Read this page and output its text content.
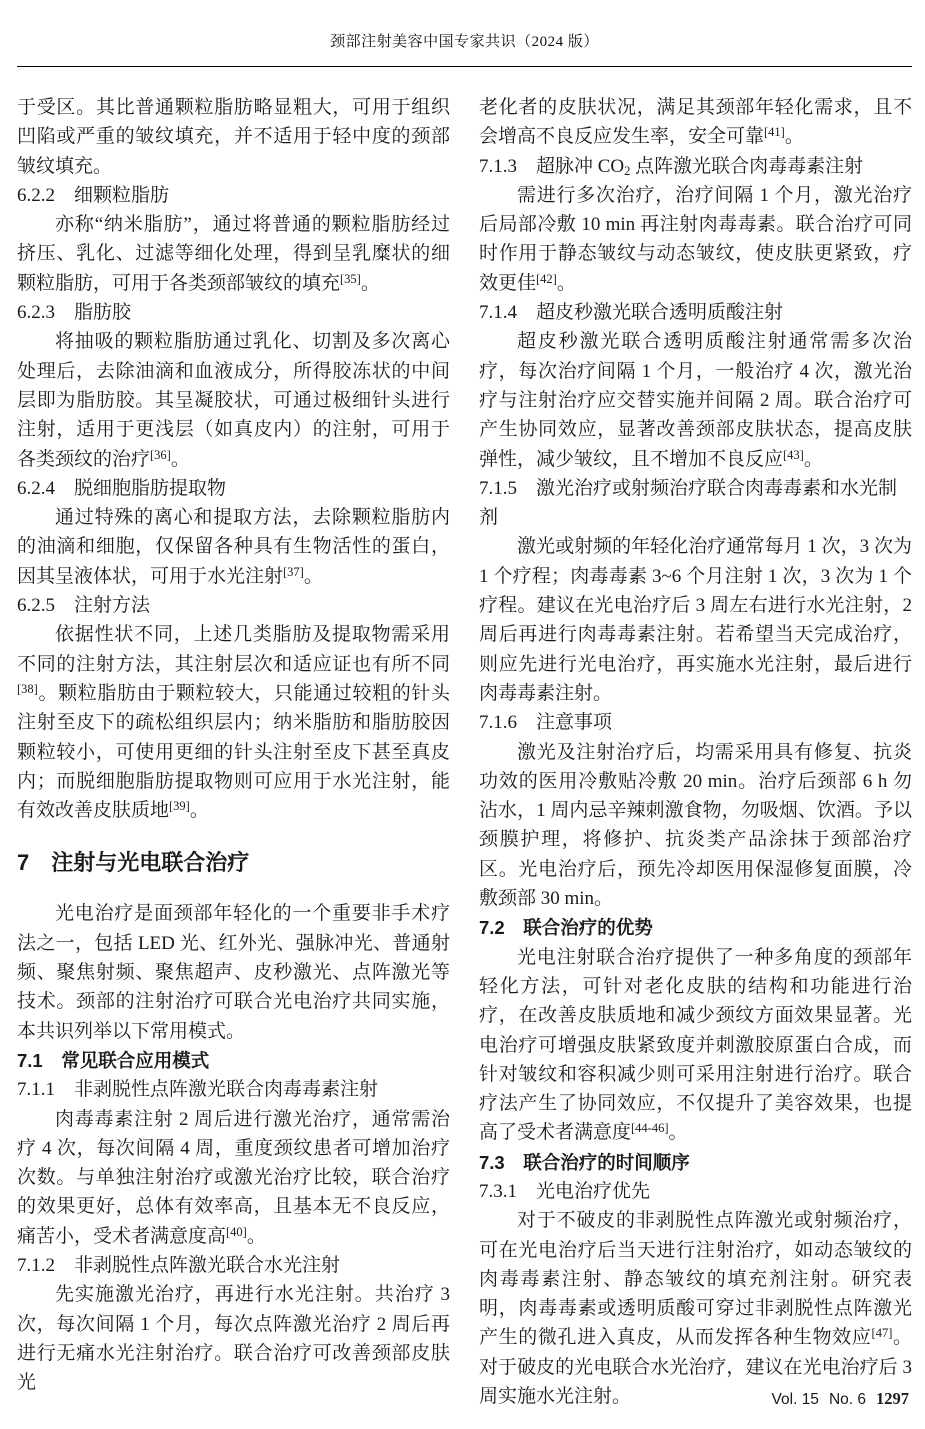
颈部注射美容中国专家共识（2024 版）
于受区。其比普通颗粒脂肪略显粗大，可用于组织凹陷或严重的皱纹填充，并不适用于轻中度的颈部皱纹填充。
6.2.2　细颗粒脂肪
亦称“纳米脂肪”，通过将普通的颗粒脂肪经过挤压、乳化、过滤等细化处理，得到呈乳糜状的细颗粒脂肪，可用于各类颈部皱纹的填充[35]。
6.2.3　脂肪胶
将抽吸的颗粒脂肪通过乳化、切割及多次离心处理后，去除油滴和血液成分，所得胶冻状的中间层即为脂肪胶。其呈凝胶状，可通过极细针头进行注射，适用于更浅层（如真皮内）的注射，可用于各类颈纹的治疗[36]。
6.2.4　脱细胞脂肪提取物
通过特殊的离心和提取方法，去除颗粒脂肪内的油滴和细胞，仅保留各种具有生物活性的蛋白，因其呈液体状，可用于水光注射[37]。
6.2.5　注射方法
依据性状不同，上述几类脂肪及提取物需采用不同的注射方法，其注射层次和适应证也有所不同[38]。颗粒脂肪由于颗粒较大，只能通过较粗的针头注射至皮下的疏松组织层内；纳米脂肪和脂肪胶因颗粒较小，可使用更细的针头注射至皮下甚至真皮内；而脱细胞脂肪提取物则可应用于水光注射，能有效改善皮肤质地[39]。
7　注射与光电联合治疗
光电治疗是面颈部年轻化的一个重要非手术疗法之一，包括 LED 光、红外光、强脉冲光、普通射频、聚焦射频、聚焦超声、皮秒激光、点阵激光等技术。颈部的注射治疗可联合光电治疗共同实施，本共识列举以下常用模式。
7.1　常见联合应用模式
7.1.1　非剥脱性点阵激光联合肉毒毒素注射
肉毒毒素注射 2 周后进行激光治疗，通常需治疗 4 次，每次间隔 4 周，重度颈纹患者可增加治疗次数。与单独注射治疗或激光治疗比较，联合治疗的效果更好，总体有效率高，且基本无不良反应，痛苦小，受术者满意度高[40]。
7.1.2　非剥脱性点阵激光联合水光注射
先实施激光治疗，再进行水光注射。共治疗 3 次，每次间隔 1 个月，每次点阵激光治疗 2 周后再进行无痛水光注射治疗。联合治疗可改善颈部皮肤光
老化者的皮肤状况，满足其颈部年轻化需求，且不会增高不良反应发生率，安全可靠[41]。
7.1.3　超脉冲 $CO_2$ 点阵激光联合肉毒毒素注射
需进行多次治疗，治疗间隔 1 个月，激光治疗后局部冷敷 10 min 再注射肉毒毒素。联合治疗可同时作用于静态皱纹与动态皱纹，使皮肤更紧致，疗效更佳[42]。
7.1.4　超皮秒激光联合透明质酸注射
超皮秒激光联合透明质酸注射通常需多次治疗，每次治疗间隔 1 个月，一般治疗 4 次，激光治疗与注射治疗应交替实施并间隔 2 周。联合治疗可产生协同效应，显著改善颈部皮肤状态，提高皮肤弹性，减少皱纹，且不增加不良反应[43]。
7.1.5　激光治疗或射频治疗联合肉毒毒素和水光制剂
激光或射频的年轻化治疗通常每月 1 次，3 次为 1 个疗程；肉毒毒素 3~6 个月注射 1 次，3 次为 1 个疗程。建议在光电治疗后 3 周左右进行水光注射，2 周后再进行肉毒毒素注射。若希望当天完成治疗，则应先进行光电治疗，再实施水光注射，最后进行肉毒毒素注射。
7.1.6　注意事项
激光及注射治疗后，均需采用具有修复、抗炎功效的医用冷敷贴冷敷 20 min。治疗后颈部 6 h 勿沾水，1 周内忌辛辣刺激食物，勿吸烟、饮酒。予以颈膜护理，将修护、抗炎类产品涂抹于颈部治疗区。光电治疗后，预先冷却医用保湿修复面膜，冷敷颈部 30 min。
7.2　联合治疗的优势
光电注射联合治疗提供了一种多角度的颈部年轻化方法，可针对老化皮肤的结构和功能进行治疗，在改善皮肤质地和减少颈纹方面效果显著。光电治疗可增强皮肤紧致度并刺激胶原蛋白合成，而针对皱纹和容积减少则可采用注射进行治疗。联合疗法产生了协同效应，不仅提升了美容效果，也提高了受术者满意度[44-46]。
7.3　联合治疗的时间顺序
7.3.1　光电治疗优先
对于不破皮的非剥脱性点阵激光或射频治疗，可在光电治疗后当天进行注射治疗，如动态皱纹的肉毒毒素注射、静态皱纹的填充剂注射。研究表明，肉毒毒素或透明质酸可穿过非剥脱性点阵激光产生的微孔进入真皮，从而发挥各种生物效应[47]。对于破皮的光电联合水光治疗，建议在光电治疗后 3 周实施水光注射。	Vol. 15 No. 6 1297
